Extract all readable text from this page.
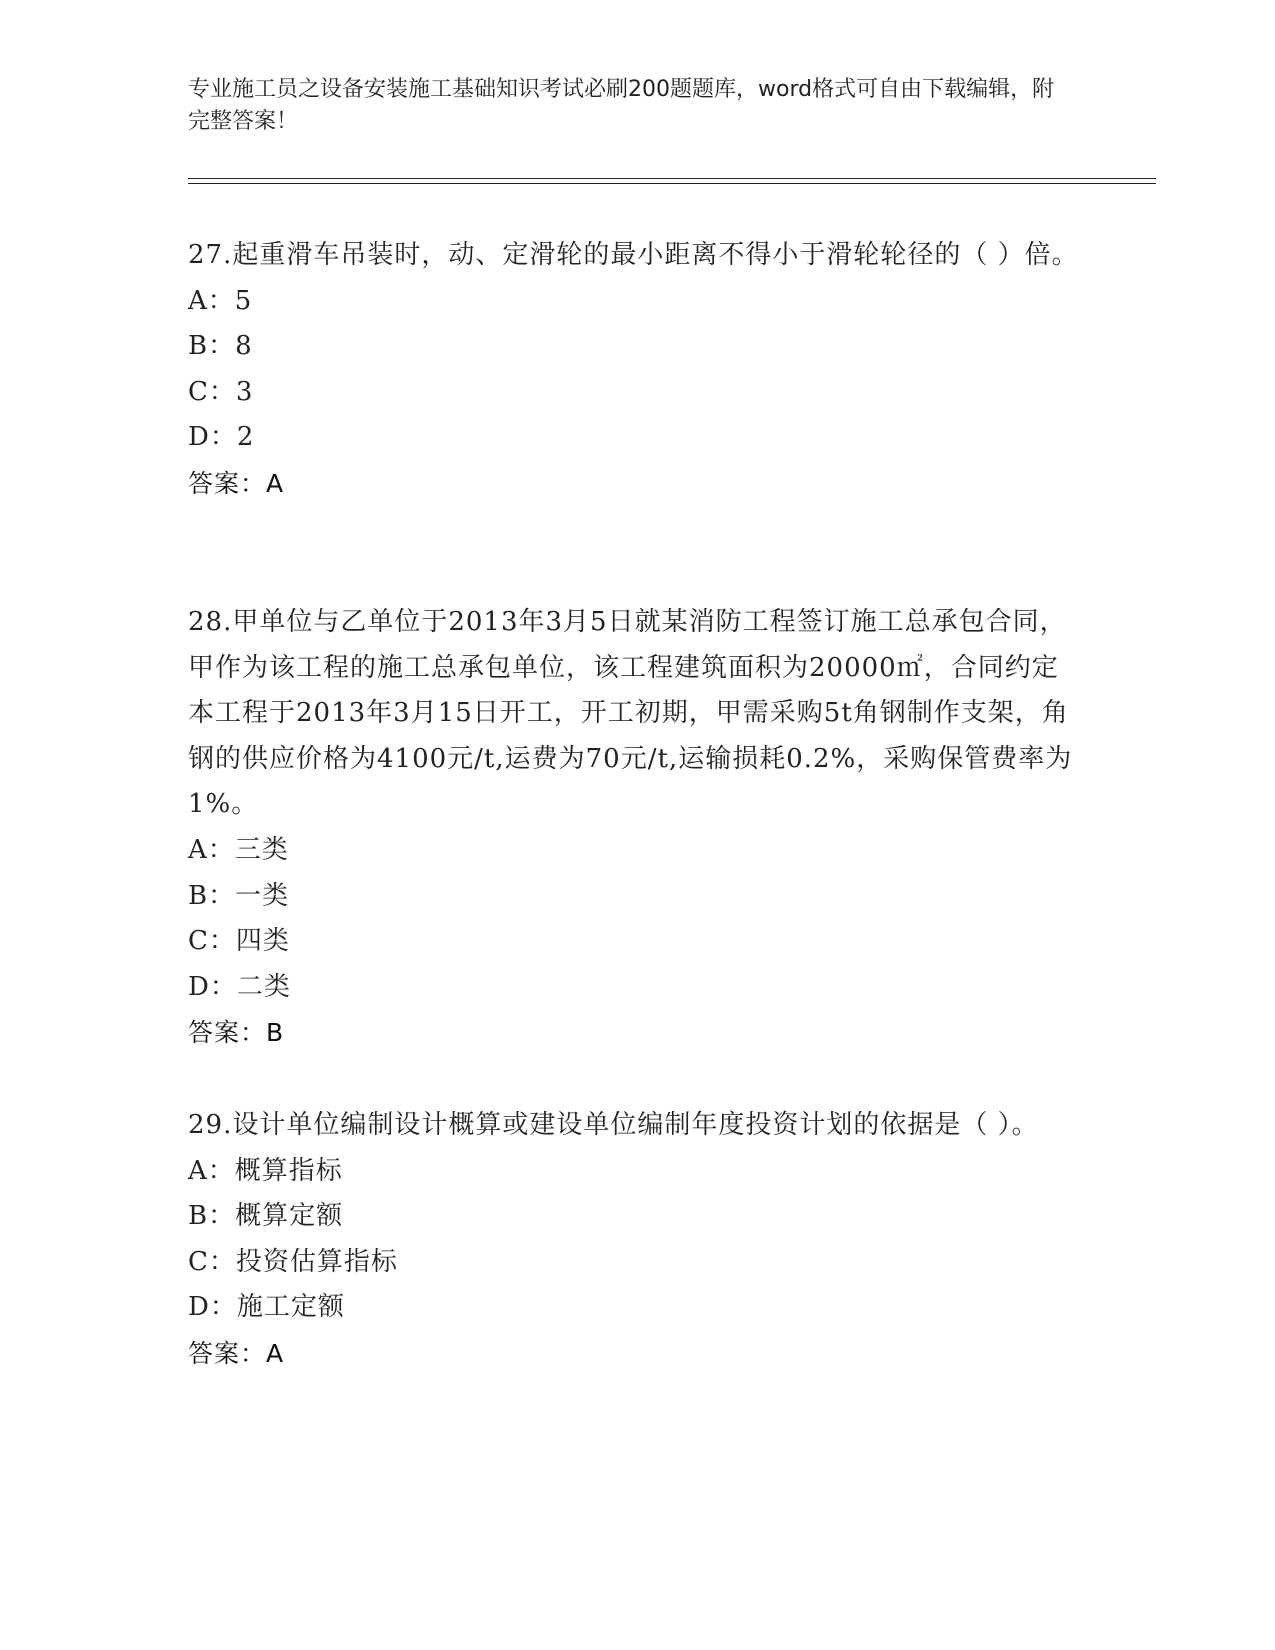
专业施工员之设备安装施工基础知识考试必刷200题题库，word格式可自由下载编辑，附完整答案！

27.起重滑车吊装时，动、定滑轮的最小距离不得小于滑轮轮径的（ ）倍。

A：5

B：8

C：3

D：2

答案：A

28.甲单位与乙单位于2013年3月5日就某消防工程签订施工总承包合同，甲作为该工程的施工总承包单位，该工程建筑面积为20000㎡，合同约定本工程于2013年3月15日开工，开工初期，甲需采购5t角钢制作支架，角钢的供应价格为4100元/t,运费为70元/t,运输损耗0.2%，采购保管费率为1%。

A：三类

B：一类

C：四类

D：二类

答案：B

29.设计单位编制设计概算或建设单位编制年度投资计划的依据是（ ）。

A：概算指标

B：概算定额

C：投资估算指标

D：施工定额

答案：A
